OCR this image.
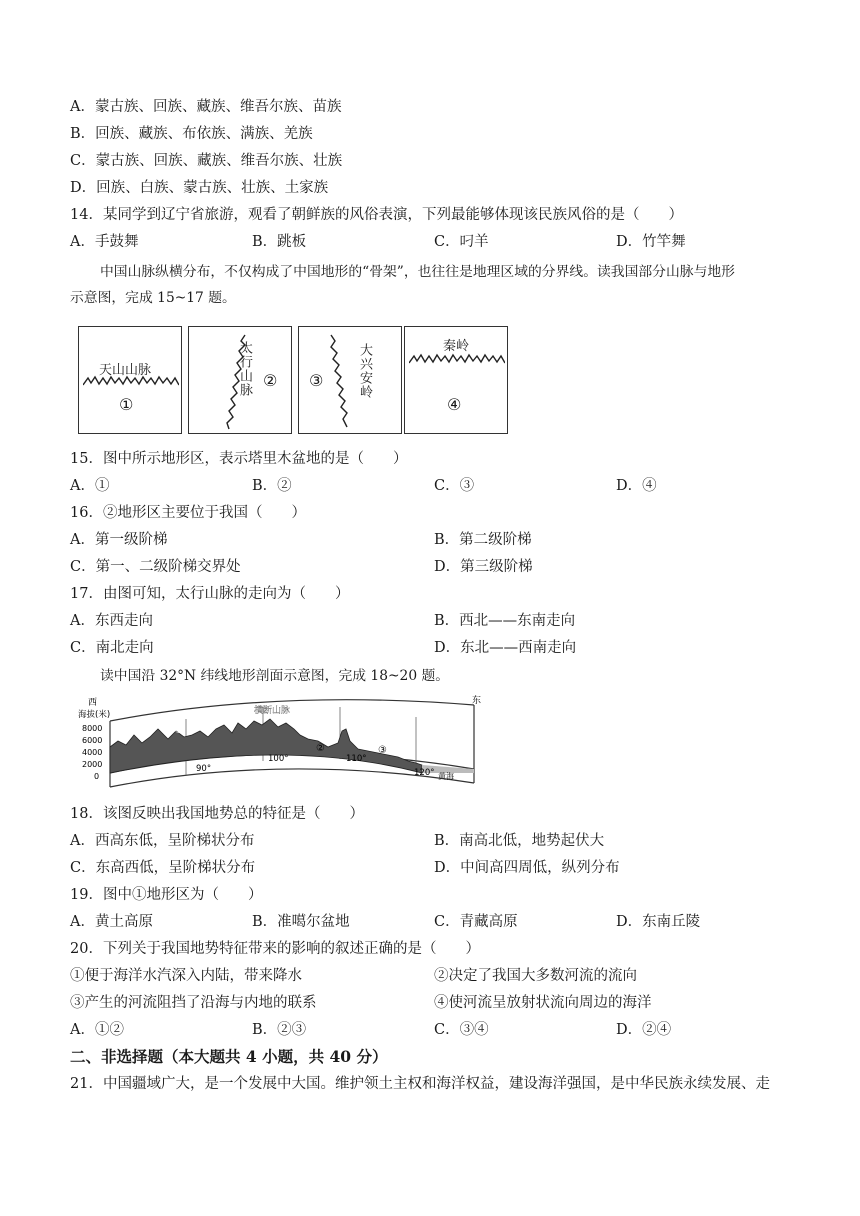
A．蒙古族、回族、藏族、维吾尔族、苗族
B．回族、藏族、布依族、满族、羌族
C．蒙古族、回族、藏族、维吾尔族、壮族
D．回族、白族、蒙古族、壮族、土家族
14．某同学到辽宁省旅游，观看了朝鲜族的风俗表演，下列最能够体现该民族风俗的是（　　）
A．手鼓舞	B．跳板	C．叼羊	D．竹竿舞
中国山脉纵横分布，不仅构成了中国地形的“骨架”，也往往是地理区域的分界线。读我国部分山脉与地形
示意图，完成 15~17 题。
天山山脉
①
太行山脉 ②	大兴安岭
③
秦岭
④
15．图中所示地形区，表示塔里木盆地的是（　　）
A．①	B．②	C．③	D．④
16．②地形区主要位于我国（　　）
A．第一级阶梯	B．第二级阶梯
C．第一、二级阶梯交界处	D．第三级阶梯
17．由图可知，太行山脉的走向为（　　）
A．东西走向	B．西北——东南走向
C．南北走向	D．东北——西南走向
读中国沿 32°N 纬线地形剖面示意图，完成 18~20 题。
西	东
海拔(米)
8000
6000
4000
2000
0 东经 80°
90°
100°	110°
120°
横断山脉
①
②	③
黄海
18．该图反映出我国地势总的特征是（　　）
A．西高东低，呈阶梯状分布	B．南高北低，地势起伏大
C．东高西低，呈阶梯状分布	D．中间高四周低，纵列分布
19．图中①地形区为（　　）
A．黄土高原	B．准噶尔盆地	C．青藏高原	D．东南丘陵
20．下列关于我国地势特征带来的影响的叙述正确的是（　　）
①便于海洋水汽深入内陆，带来降水	②决定了我国大多数河流的流向
③产生的河流阻挡了沿海与内地的联系	④使河流呈放射状流向周边的海洋
A．①②	B．②③	C．③④	D．②④
二、非选择题（本大题共 4 小题，共 40 分）
21．中国疆域广大，是一个发展中大国。维护领土主权和海洋权益，建设海洋强国，是中华民族永续发展、走
